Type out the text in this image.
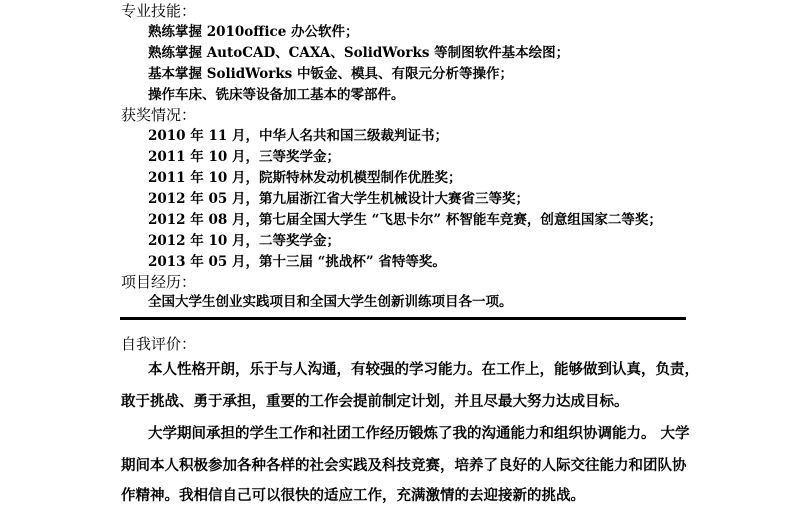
专业技能：
熟练掌握 2010office 办公软件；
熟练掌握 AutoCAD、CAXA、SolidWorks 等制图软件基本绘图；
基本掌握 SolidWorks 中钣金、模具、有限元分析等操作；
操作车床、铣床等设备加工基本的零部件。
获奖情况：
2010 年 11 月，中华人名共和国三级裁判证书；
2011 年 10 月，三等奖学金；
2011 年 10 月，院斯特林发动机模型制作优胜奖；
2012 年 05 月，第九届浙江省大学生机械设计大赛省三等奖；
2012 年 08 月，第七届全国大学生 “飞思卡尔” 杯智能车竞赛，创意组国家二等奖；
2012 年 10 月，二等奖学金；
2013 年 05 月，第十三届 “挑战杯” 省特等奖。
项目经历：
全国大学生创业实践项目和全国大学生创新训练项目各一项。
自我评价：
本人性格开朗，乐于与人沟通，有较强的学习能力。在工作上，能够做到认真，负责，
敢于挑战、勇于承担，重要的工作会提前制定计划，并且尽最大努力达成目标。
大学期间承担的学生工作和社团工作经历锻炼了我的沟通能力和组织协调能力。 大学
期间本人积极参加各种各样的社会实践及科技竞赛，培养了良好的人际交往能力和团队协
作精神。我相信自己可以很快的适应工作，充满激情的去迎接新的挑战。
